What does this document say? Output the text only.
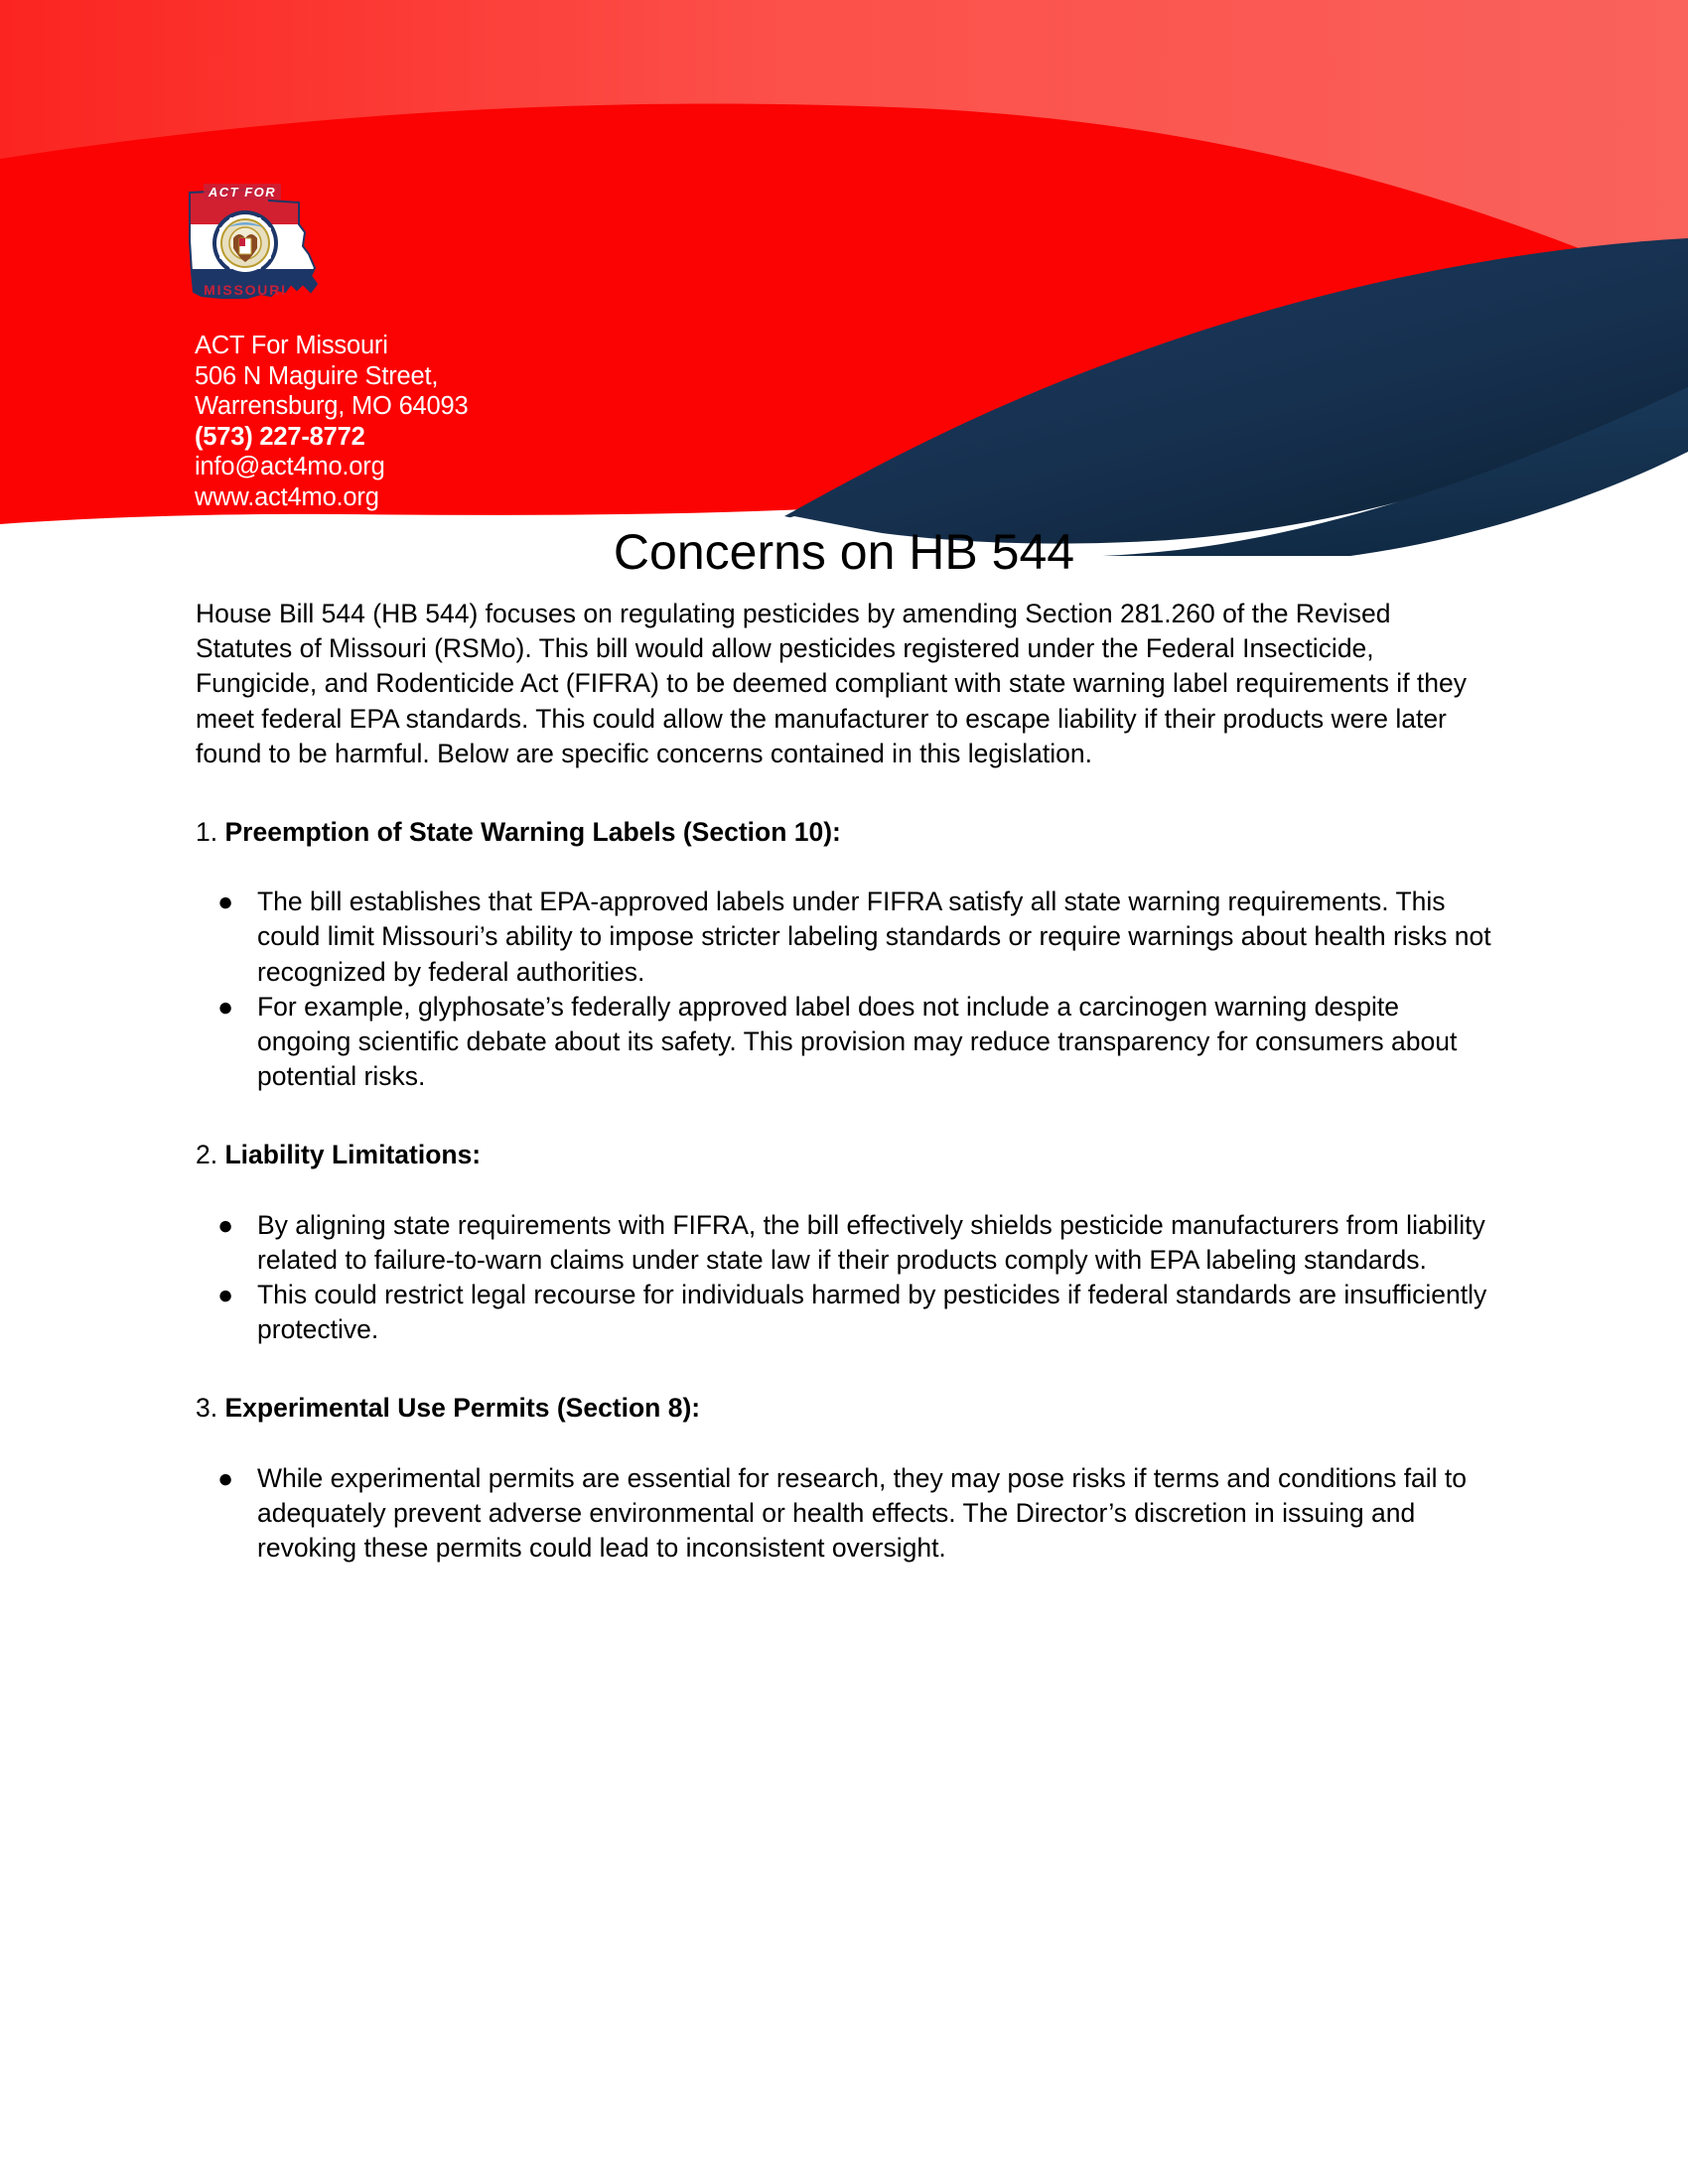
ACT FOR
MISSOURI
ACT For Missouri
506 N Maguire Street,
Warrensburg, MO 64093
(573) 227-8772
info@act4mo.org
www.act4mo.org
Concerns on HB 544

House Bill 544 (HB 544) focuses on regulating pesticides by amending Section 281.260 of the Revised Statutes of Missouri (RSMo). This bill would allow pesticides registered under the Federal Insecticide, Fungicide, and Rodenticide Act (FIFRA) to be deemed compliant with state warning label requirements if they meet federal EPA standards. This could allow the manufacturer to escape liability if their products were later found to be harmful. Below are specific concerns contained in this legislation.

1. Preemption of State Warning Labels (Section 10):
● The bill establishes that EPA-approved labels under FIFRA satisfy all state warning requirements. This could limit Missouri’s ability to impose stricter labeling standards or require warnings about health risks not recognized by federal authorities.
● For example, glyphosate’s federally approved label does not include a carcinogen warning despite ongoing scientific debate about its safety. This provision may reduce transparency for consumers about potential risks.
2. Liability Limitations:
● By aligning state requirements with FIFRA, the bill effectively shields pesticide manufacturers from liability related to failure-to-warn claims under state law if their products comply with EPA labeling standards.
● This could restrict legal recourse for individuals harmed by pesticides if federal standards are insufficiently protective.
3. Experimental Use Permits (Section 8):
● While experimental permits are essential for research, they may pose risks if terms and conditions fail to adequately prevent adverse environmental or health effects. The Director’s discretion in issuing and revoking these permits could lead to inconsistent oversight.
